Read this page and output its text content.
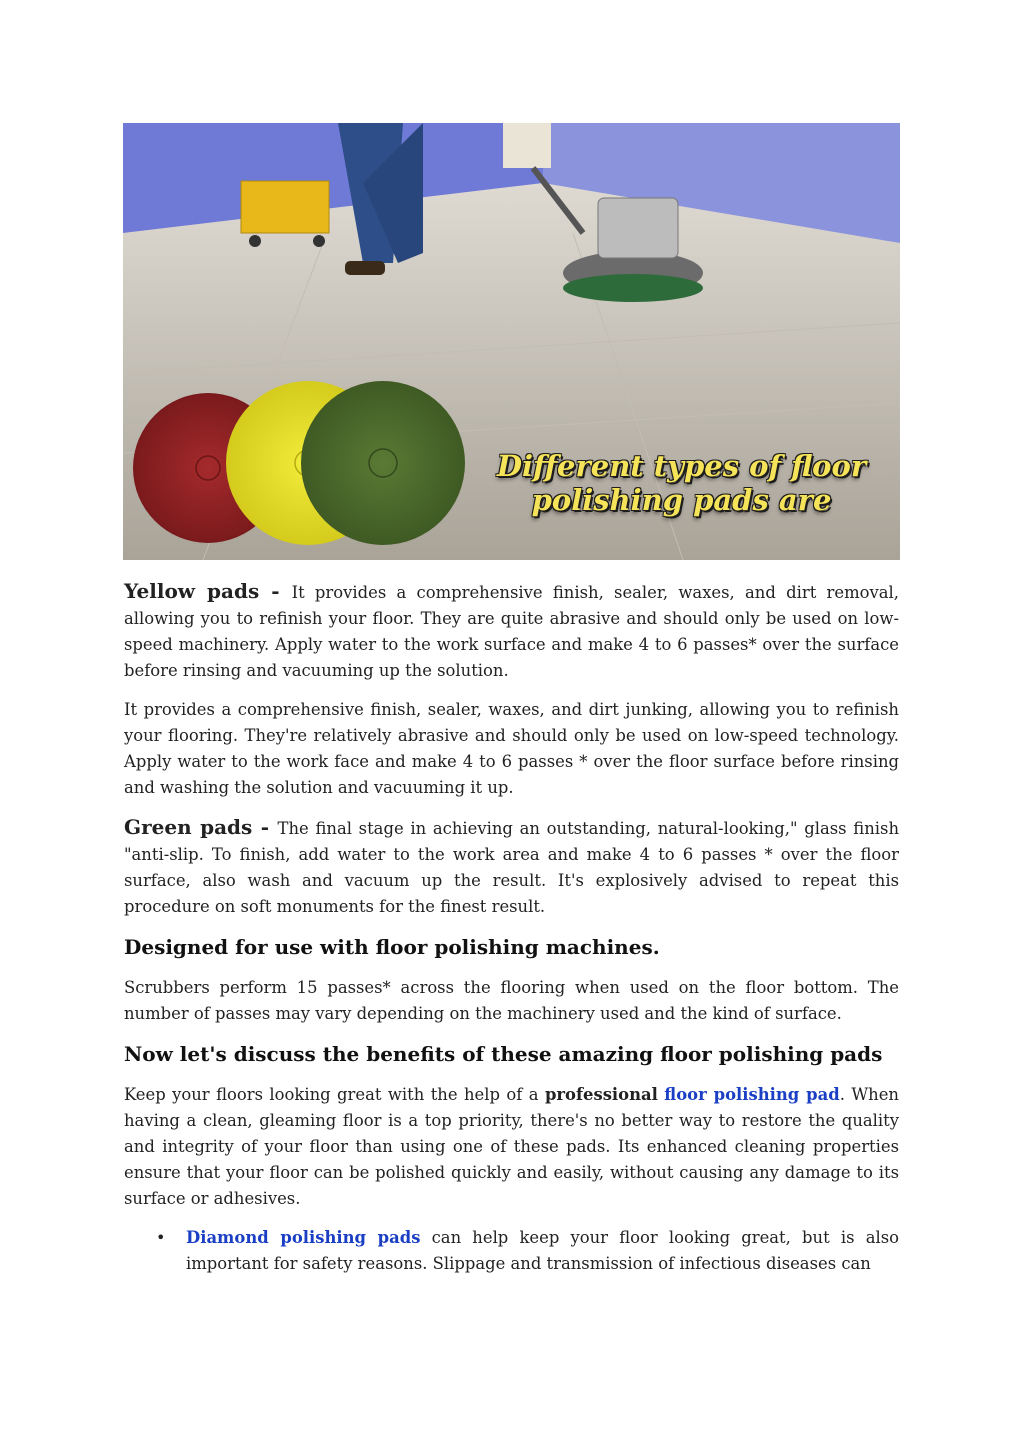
Different types of floor
polishing pads are

Yellow pads - It provides a comprehensive finish, sealer, waxes, and dirt removal, allowing you to refinish your floor. They are quite abrasive and should only be used on low-speed machinery. Apply water to the work surface and make 4 to 6 passes* over the surface before rinsing and vacuuming up the solution.

It provides a comprehensive finish, sealer, waxes, and dirt junking, allowing you to refinish your flooring. They're relatively abrasive and should only be used on low-speed technology. Apply water to the work face and make 4 to 6 passes * over the floor surface before rinsing and washing the solution and vacuuming it up.

Green pads - The final stage in achieving an outstanding, natural-looking," glass finish "anti-slip. To finish, add water to the work area and make 4 to 6 passes * over the floor surface, also wash and vacuum up the result. It's explosively advised to repeat this procedure on soft monuments for the finest result.

Designed for use with floor polishing machines.

Scrubbers perform 15 passes* across the flooring when used on the floor bottom. The number of passes may vary depending on the machinery used and the kind of surface.

Now let's discuss the benefits of these amazing floor polishing pads

Keep your floors looking great with the help of a professional floor polishing pad. When having a clean, gleaming floor is a top priority, there's no better way to restore the quality and integrity of your floor than using one of these pads. Its enhanced cleaning properties ensure that your floor can be polished quickly and easily, without causing any damage to its surface or adhesives.

• Diamond polishing pads can help keep your floor looking great, but is also important for safety reasons. Slippage and transmission of infectious diseases can
